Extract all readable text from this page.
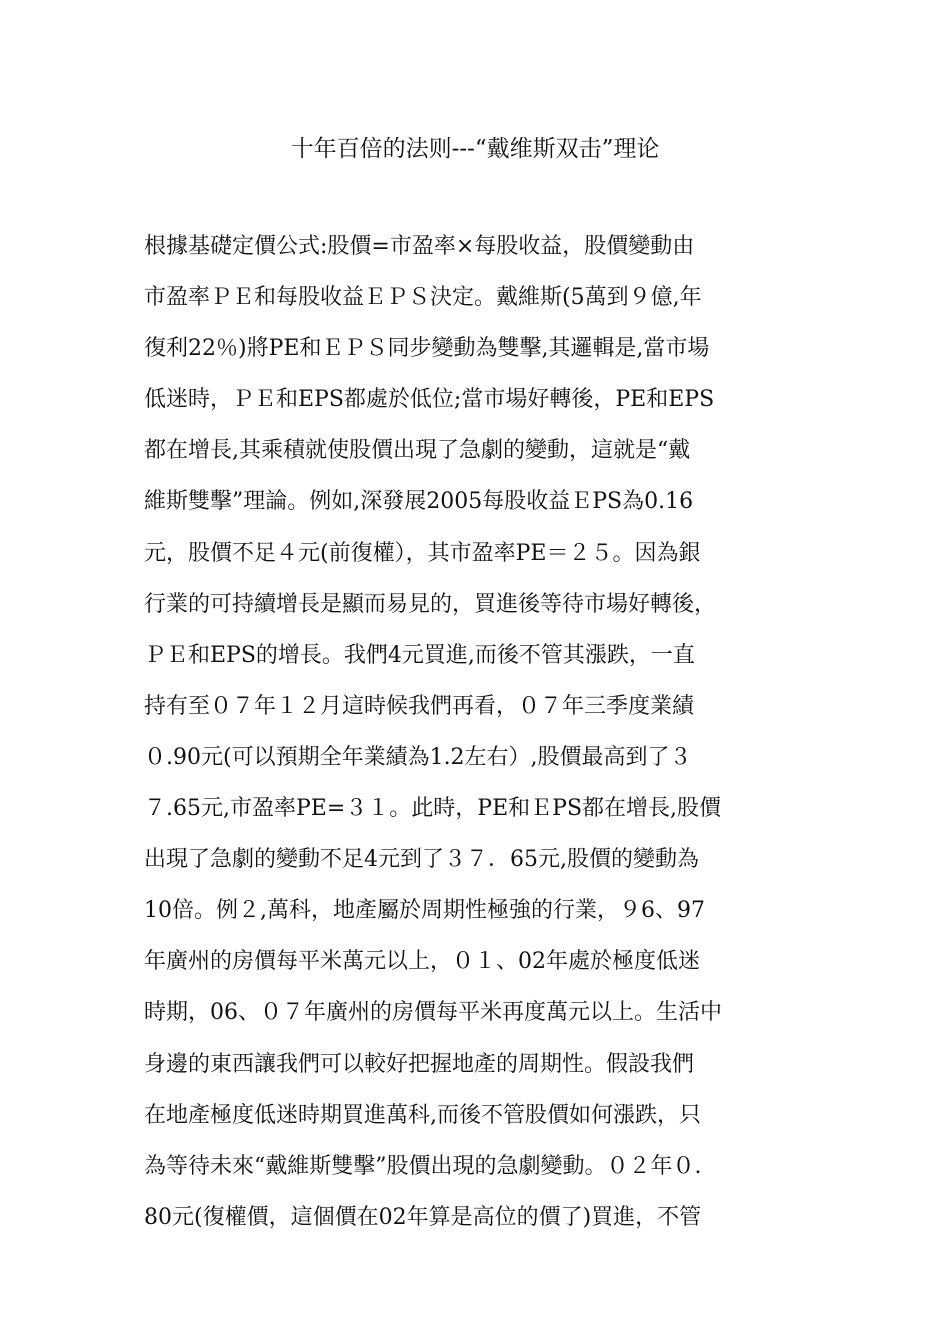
十年百倍的法则---“戴维斯双击”理论
根據基礎定價公式:股價=市盈率×每股收益，股價變動由
市盈率ＰＥ和每股收益ＥＰＳ決定。戴維斯(5萬到９億,年
復利22％)將PE和ＥＰＳ同步變動為雙擊,其邏輯是,當市場
低迷時，ＰＥ和EPS都處於低位;當市場好轉後，PE和EPS
都在增長,其乘積就使股價出現了急劇的變動，這就是“戴
維斯雙擊”理論。例如,深發展2005每股收益ＥPS為0.16
元，股價不足４元(前復權），其市盈率PE＝２５。因為銀
行業的可持續增長是顯而易見的，買進後等待市場好轉後，
ＰＥ和EPS的增長。我們4元買進,而後不管其漲跌，一直
持有至０７年１２月這時候我們再看，０７年三季度業績
０.90元(可以預期全年業績為1.2左右）,股價最高到了３
７.65元,市盈率PE=３１。此時，PE和ＥPS都在增長,股價
出現了急劇的變動不足4元到了３７．65元,股價的變動為
10倍。例２,萬科，地產屬於周期性極強的行業，９6、97
年廣州的房價每平米萬元以上，０１、02年處於極度低迷
時期，06、０７年廣州的房價每平米再度萬元以上。生活中
身邊的東西讓我們可以較好把握地產的周期性。假設我們
在地產極度低迷時期買進萬科,而後不管股價如何漲跌，只
為等待未來“戴維斯雙擊”股價出現的急劇變動。０２年０.
80元(復權價，這個價在02年算是高位的價了)買進，不管
